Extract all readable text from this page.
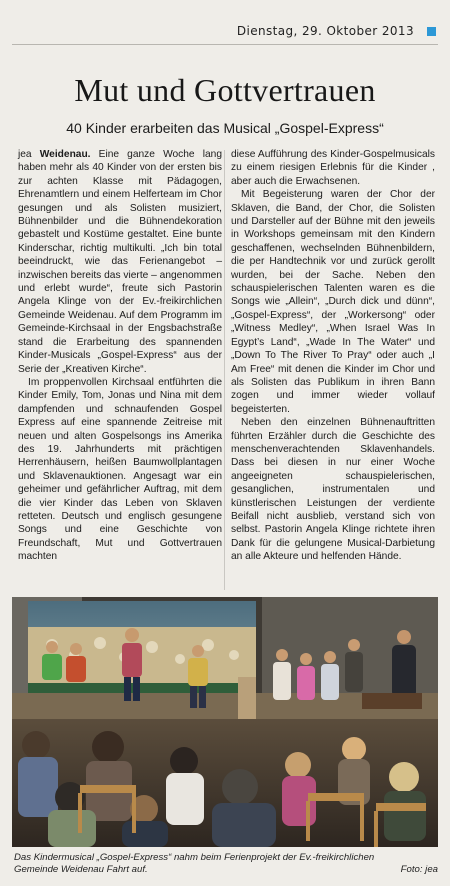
Dienstag, 29. Oktober 2013
Mut und Gottvertrauen
40 Kinder erarbeiten das Musical „Gospel-Express“

jea Weidenau. Eine ganze Woche lang haben mehr als 40 Kinder von der ersten bis zur achten Klasse mit Pädagogen, Ehrenamtlern und einem Helferteam im Chor gesungen und als Solisten musiziert, Bühnenbilder und die Bühnendekoration gebastelt und Kostüme gestaltet. Eine bunte Kinderschar, richtig multikulti. „Ich bin total beeindruckt, wie das Ferienangebot – inzwischen bereits das vierte – angenommen und erlebt wurde“, freute sich Pastorin Angela Klinge von der Ev.-freikirchlichen Gemeinde Weidenau. Auf dem Programm im Gemeinde-Kirchsaal in der Engsbachstraße stand die Erarbeitung des spannenden Kinder-Musicals „Gospel-Express“ aus der Serie der „Kreativen Kirche“.

Im proppenvollen Kirchsaal entführten die Kinder Emily, Tom, Jonas und Nina mit dem dampfenden und schnaufenden Gospel Express auf eine spannende Zeitreise mit neuen und alten Gospelsongs ins Amerika des 19. Jahrhunderts mit prächtigen Herrenhäusern, heißen Baumwollplantagen und Sklavenauktionen. Angesagt war ein geheimer und gefährlicher Auftrag, mit dem die vier Kinder das Leben von Sklaven retteten. Deutsch und englisch gesungene Songs und eine Geschichte von Freundschaft, Mut und Gottvertrauen machten

diese Aufführung des Kinder-Gospelmusicals zu einem riesigen Erlebnis für die Kinder , aber auch die Erwachsenen.

Mit Begeisterung waren der Chor der Sklaven, die Band, der Chor, die Solisten und Darsteller auf der Bühne mit den jeweils in Workshops gemeinsam mit den Kindern geschaffenen, wechselnden Bühnenbildern, die per Handtechnik vor und zurück gerollt wurden, bei der Sache. Neben den schauspielerischen Talenten waren es die Songs wie „Allein“, „Durch dick und dünn“, „Gospel-Express“, der „Workersong“ oder „Witness Medley“, „When Israel Was In Egypt’s Land“, „Wade In The Water“ und „Down To The River To Pray“ oder auch „I Am Free“ mit denen die Kinder im Chor und als Solisten das Publikum in ihren Bann zogen und immer wieder vollauf begeisterten.

Neben den einzelnen Bühnenauftritten führten Erzähler durch die Geschichte des menschenverachtenden Sklavenhandels. Dass bei diesen in nur einer Woche angeeigneten schauspielerischen, gesanglichen, instrumentalen und künstlerischen Leistungen der verdiente Beifall nicht ausblieb, verstand sich von selbst. Pastorin Angela Klinge richtete ihren Dank für die gelungene Musical-Darbietung an alle Akteure und helfenden Hände.

Das Kindermusical „Gospel-Express“ nahm beim Ferienprojekt der Ev.-freikirchlichen Gemeinde Weidenau Fahrt auf.	Foto: jea
